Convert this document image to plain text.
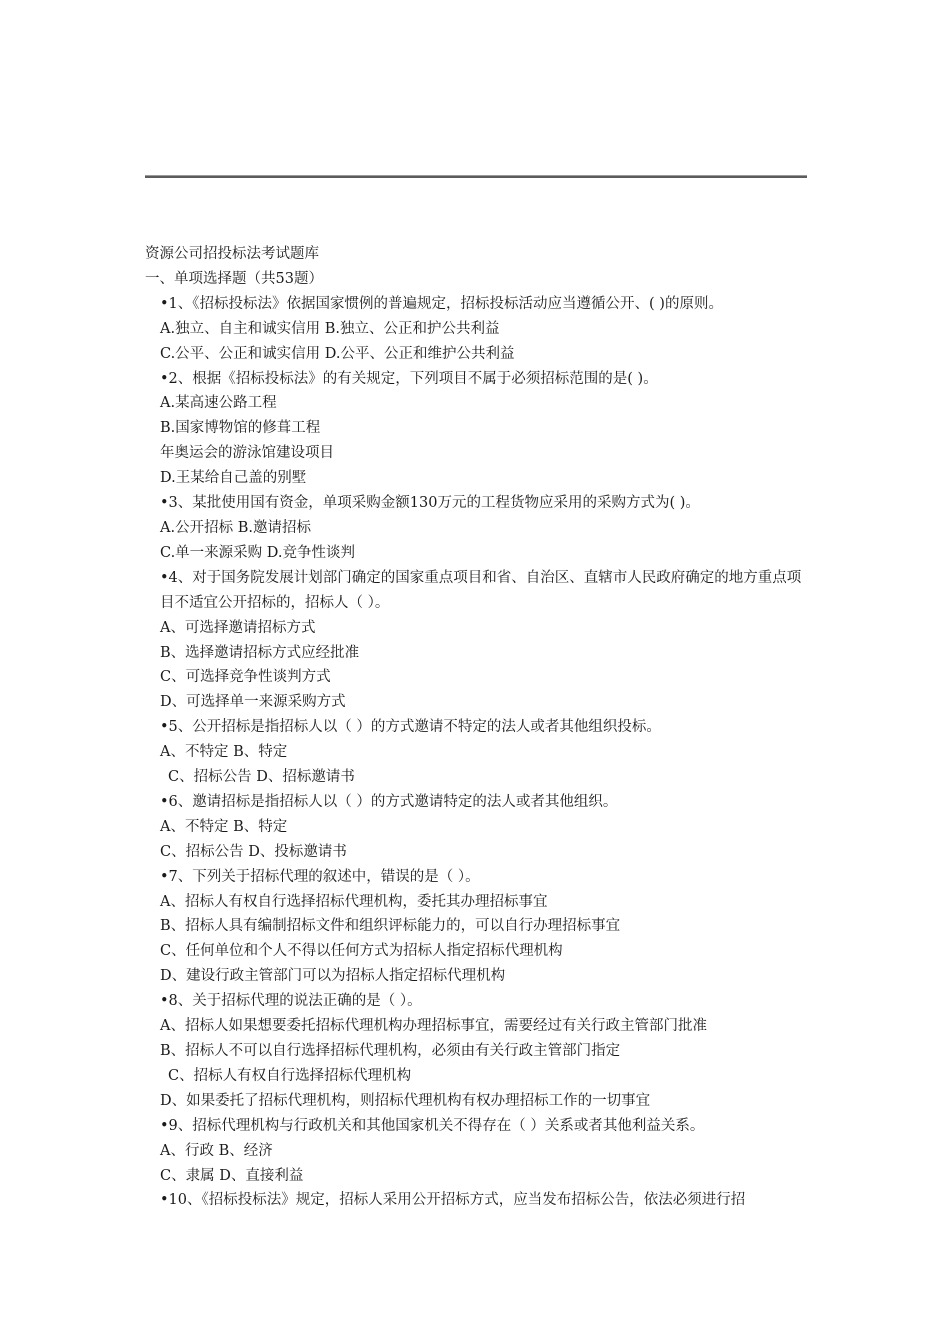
资源公司招投标法考试题库

一、单项选择题（共53题）

•1、《招标投标法》依据国家惯例的普遍规定，招标投标活动应当遵循公开、( )的原则。

A.独立、自主和诚实信用 B.独立、公正和护公共利益

C.公平、公正和诚实信用 D.公平、公正和维护公共利益

•2、根据《招标投标法》的有关规定，下列项目不属于必须招标范围的是( )。

A.某高速公路工程

B.国家博物馆的修葺工程

年奥运会的游泳馆建设项目

D.王某给自己盖的别墅

•3、某批使用国有资金，单项采购金额130万元的工程货物应采用的采购方式为( )。

A.公开招标 B.邀请招标

C.单一来源采购 D.竞争性谈判

•4、对于国务院发展计划部门确定的国家重点项目和省、自治区、直辖市人民政府确定的地方重点项目不适宜公开招标的，招标人（ ）。

A、可选择邀请招标方式

B、选择邀请招标方式应经批准

C、可选择竞争性谈判方式

D、可选择单一来源采购方式

•5、公开招标是指招标人以（ ）的方式邀请不特定的法人或者其他组织投标。

A、不特定 B、特定

C、招标公告 D、招标邀请书

•6、邀请招标是指招标人以（ ）的方式邀请特定的法人或者其他组织。

A、不特定 B、特定

C、招标公告 D、投标邀请书

•7、下列关于招标代理的叙述中，错误的是（ ）。

A、招标人有权自行选择招标代理机构，委托其办理招标事宜

B、招标人具有编制招标文件和组织评标能力的，可以自行办理招标事宜

C、任何单位和个人不得以任何方式为招标人指定招标代理机构

D、建设行政主管部门可以为招标人指定招标代理机构

•8、关于招标代理的说法正确的是（ ）。

A、招标人如果想要委托招标代理机构办理招标事宜，需要经过有关行政主管部门批准

B、招标人不可以自行选择招标代理机构，必须由有关行政主管部门指定

C、招标人有权自行选择招标代理机构

D、如果委托了招标代理机构，则招标代理机构有权办理招标工作的一切事宜

•9、招标代理机构与行政机关和其他国家机关不得存在（ ）关系或者其他利益关系。

A、行政 B、经济

C、隶属 D、直接利益

•10、《招标投标法》规定，招标人采用公开招标方式，应当发布招标公告，依法必须进行招
